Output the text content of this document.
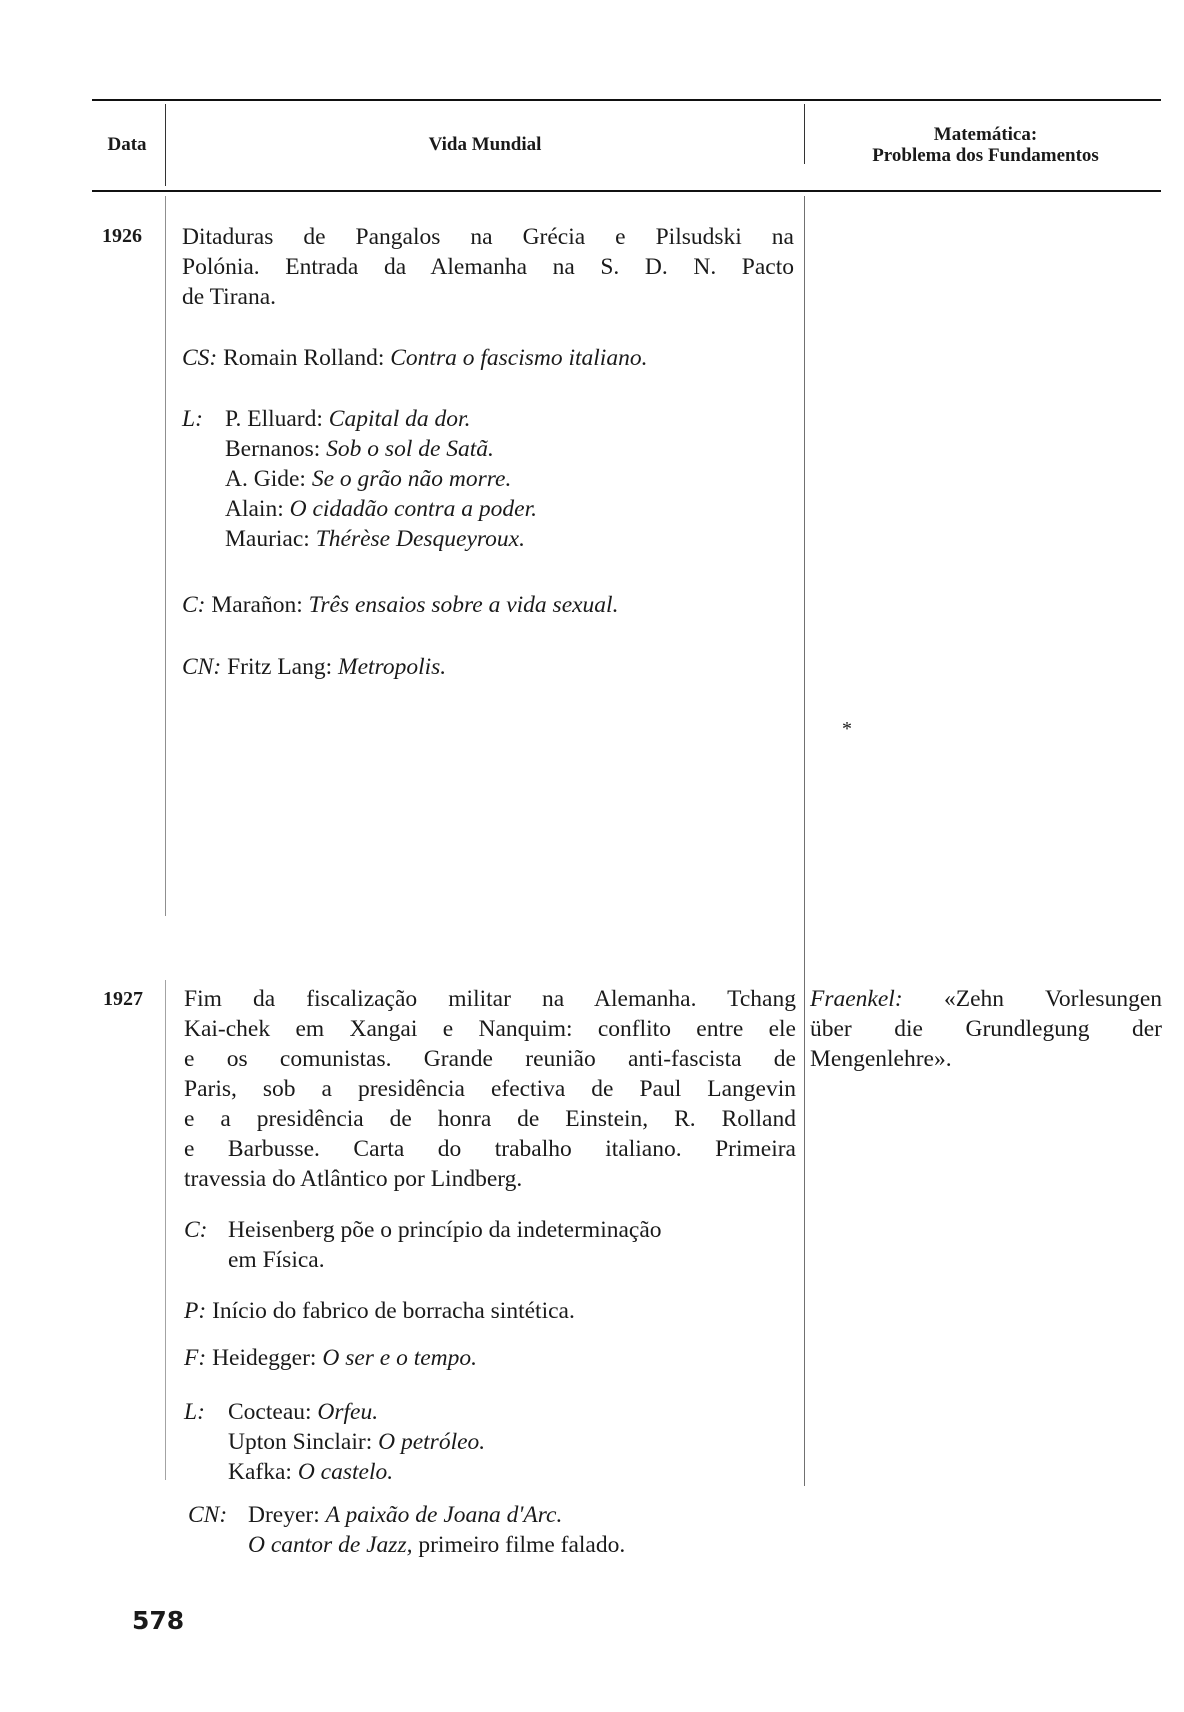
Data	Vida Mundial	Matemática:
Problema dos Fundamentos
1926 Ditaduras de Pangalos na Grécia e Pilsudski na
Polónia. Entrada da Alemanha na S. D. N. Pacto
de Tirana.
CS: Romain Rolland: Contra o fascismo italiano.
L: P. Elluard: Capital da dor.
Bernanos: Sob o sol de Satã.
A. Gide: Se o grão não morre.
Alain: O cidadão contra a poder.
Mauriac: Thérèse Desqueyroux.
C: Marañon: Três ensaios sobre a vida sexual.
CN: Fritz Lang: Metropolis.
*
1927 Fim da fiscalização militar na Alemanha. Tchang
Kai-chek em Xangai e Nanquim: conflito entre ele
e os comunistas. Grande reunião anti-fascista de
Paris, sob a presidência efectiva de Paul Langevin
e a presidência de honra de Einstein, R. Rolland
e Barbusse. Carta do trabalho italiano. Primeira
travessia do Atlântico por Lindberg.
C: Heisenberg põe o princípio da indeterminação
em Física.
P: Início do fabrico de borracha sintética.
F: Heidegger: O ser e o tempo.
L: Cocteau: Orfeu.
Upton Sinclair: O petróleo.
Kafka: O castelo.
CN: Dreyer: A paixão de Joana d'Arc.
O cantor de Jazz, primeiro filme falado.
Fraenkel: «Zehn Vorlesungen
über die Grundlegung der
Mengenlehre».
578
